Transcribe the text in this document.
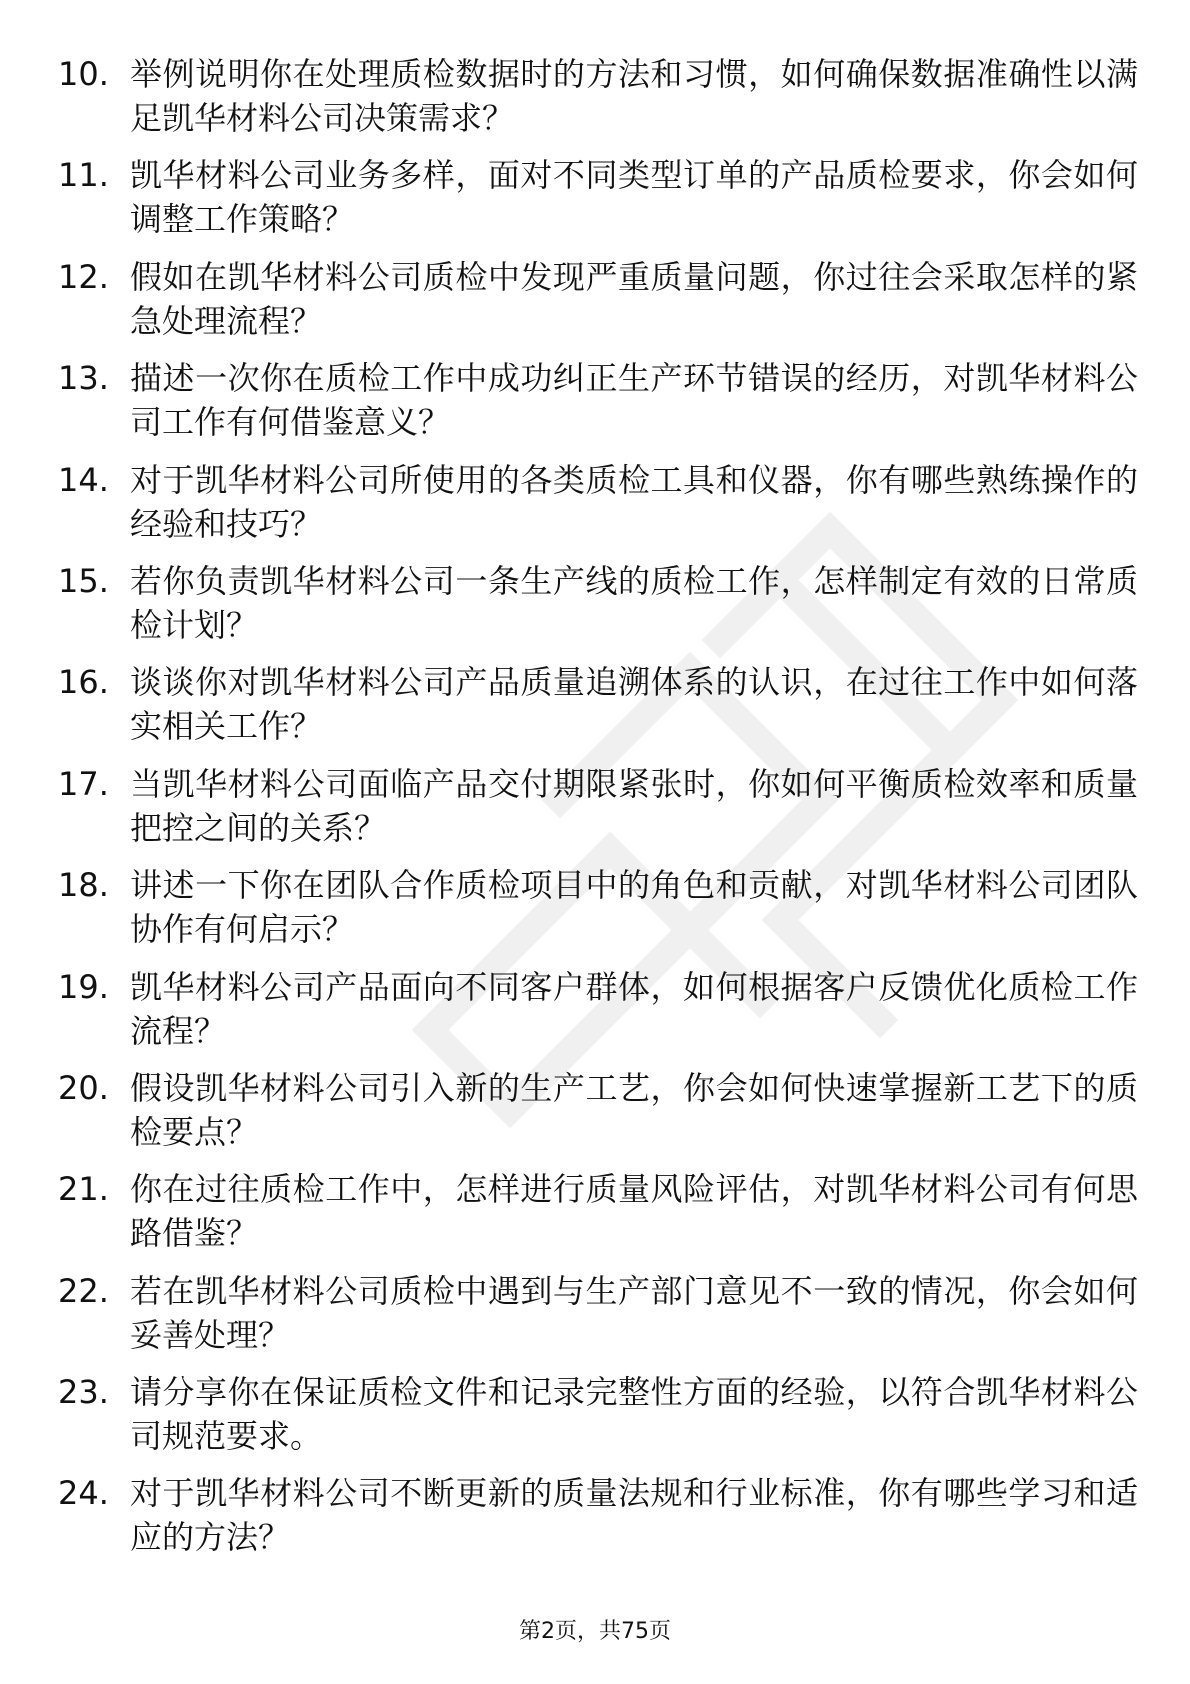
10. 举例说明你在处理质检数据时的方法和习惯，如何确保数据准确性以满足凯华材料公司决策需求？
11. 凯华材料公司业务多样，面对不同类型订单的产品质检要求，你会如何调整工作策略？
12. 假如在凯华材料公司质检中发现严重质量问题，你过往会采取怎样的紧急处理流程？
13. 描述一次你在质检工作中成功纠正生产环节错误的经历，对凯华材料公司工作有何借鉴意义？
14. 对于凯华材料公司所使用的各类质检工具和仪器，你有哪些熟练操作的经验和技巧？
15. 若你负责凯华材料公司一条生产线的质检工作，怎样制定有效的日常质检计划？
16. 谈谈你对凯华材料公司产品质量追溯体系的认识，在过往工作中如何落实相关工作？
17. 当凯华材料公司面临产品交付期限紧张时，你如何平衡质检效率和质量把控之间的关系？
18. 讲述一下你在团队合作质检项目中的角色和贡献，对凯华材料公司团队协作有何启示？
19. 凯华材料公司产品面向不同客户群体，如何根据客户反馈优化质检工作流程？
20. 假设凯华材料公司引入新的生产工艺，你会如何快速掌握新工艺下的质检要点？
21. 你在过往质检工作中，怎样进行质量风险评估，对凯华材料公司有何思路借鉴？
22. 若在凯华材料公司质检中遇到与生产部门意见不一致的情况，你会如何妥善处理？
23. 请分享你在保证质检文件和记录完整性方面的经验，以符合凯华材料公司规范要求。
24. 对于凯华材料公司不断更新的质量法规和行业标准，你有哪些学习和适应的方法？
第2页，共75页
